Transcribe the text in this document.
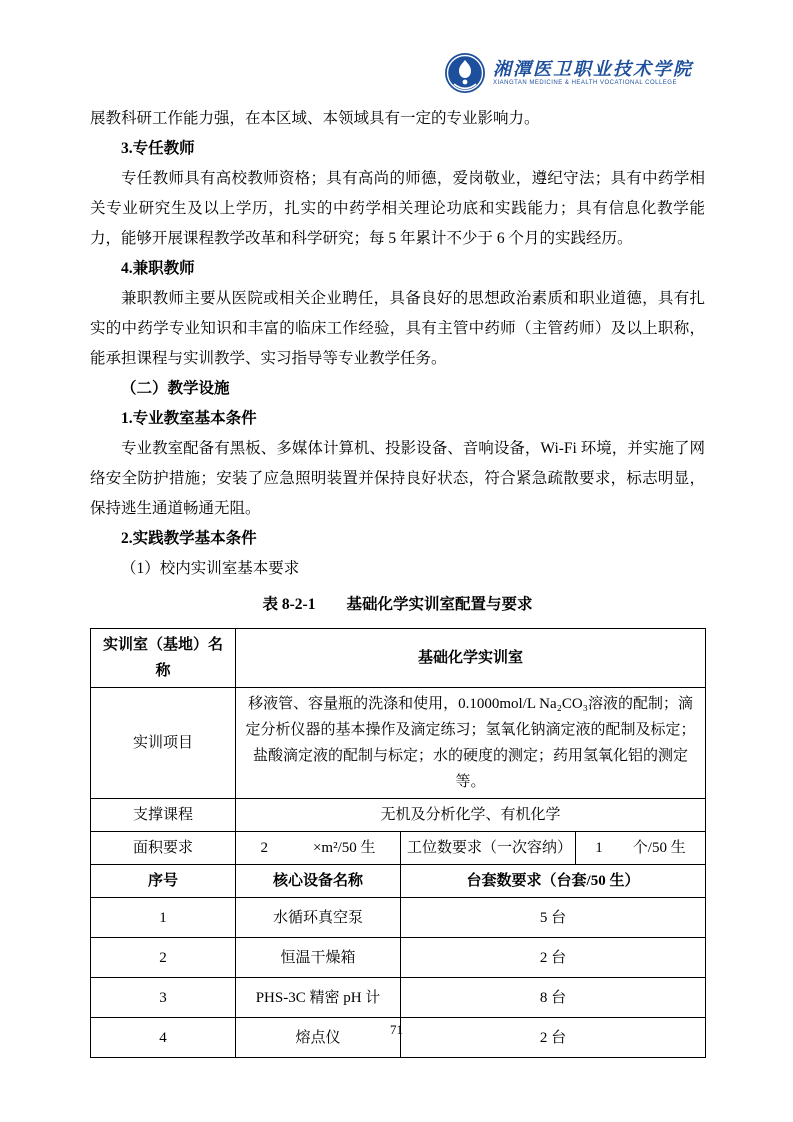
湘潭医卫职业技术学院
XIANGTAN MEDICINE & HEALTH VOCATIONAL COLLEGE

展教科研工作能力强，在本区域、本领域具有一定的专业影响力。

3.专任教师

专任教师具有高校教师资格；具有高尚的师德，爱岗敬业，遵纪守法；具有中药学相关专业研究生及以上学历，扎实的中药学相关理论功底和实践能力；具有信息化教学能力，能够开展课程教学改革和科学研究；每 5 年累计不少于 6 个月的实践经历。

4.兼职教师

兼职教师主要从医院或相关企业聘任，具备良好的思想政治素质和职业道德，具有扎实的中药学专业知识和丰富的临床工作经验，具有主管中药师（主管药师）及以上职称，能承担课程与实训教学、实习指导等专业教学任务。

（二）教学设施

1.专业教室基本条件

专业教室配备有黑板、多媒体计算机、投影设备、音响设备，Wi-Fi 环境，并实施了网络安全防护措施；安装了应急照明装置并保持良好状态，符合紧急疏散要求，标志明显，保持逃生通道畅通无阻。

2.实践教学基本条件

（1）校内实训室基本要求

表 8-2-1　　基础化学实训室配置与要求

实训室（基地）名称	基础化学实训室		
实训项目	移液管、容量瓶的洗涤和使用，0.1000mol/L Na₂CO₃溶液的配制；滴定分析仪器的基本操作及滴定练习；氢氧化钠滴定液的配制及标定；盐酸滴定液的配制与标定；水的硬度的测定；药用氢氧化铝的测定等。		
支撑课程	无机及分析化学、有机化学		
面积要求	2　　　×m²/50 生	工位数要求（一次容纳）	1　　个/50 生
序号	核心设备名称	台套数要求（台套/50 生）	
1	水循环真空泵	5 台	
2	恒温干燥箱	2 台	
3	PHS-3C 精密 pH 计	8 台	
4	熔点仪	2 台	
71
